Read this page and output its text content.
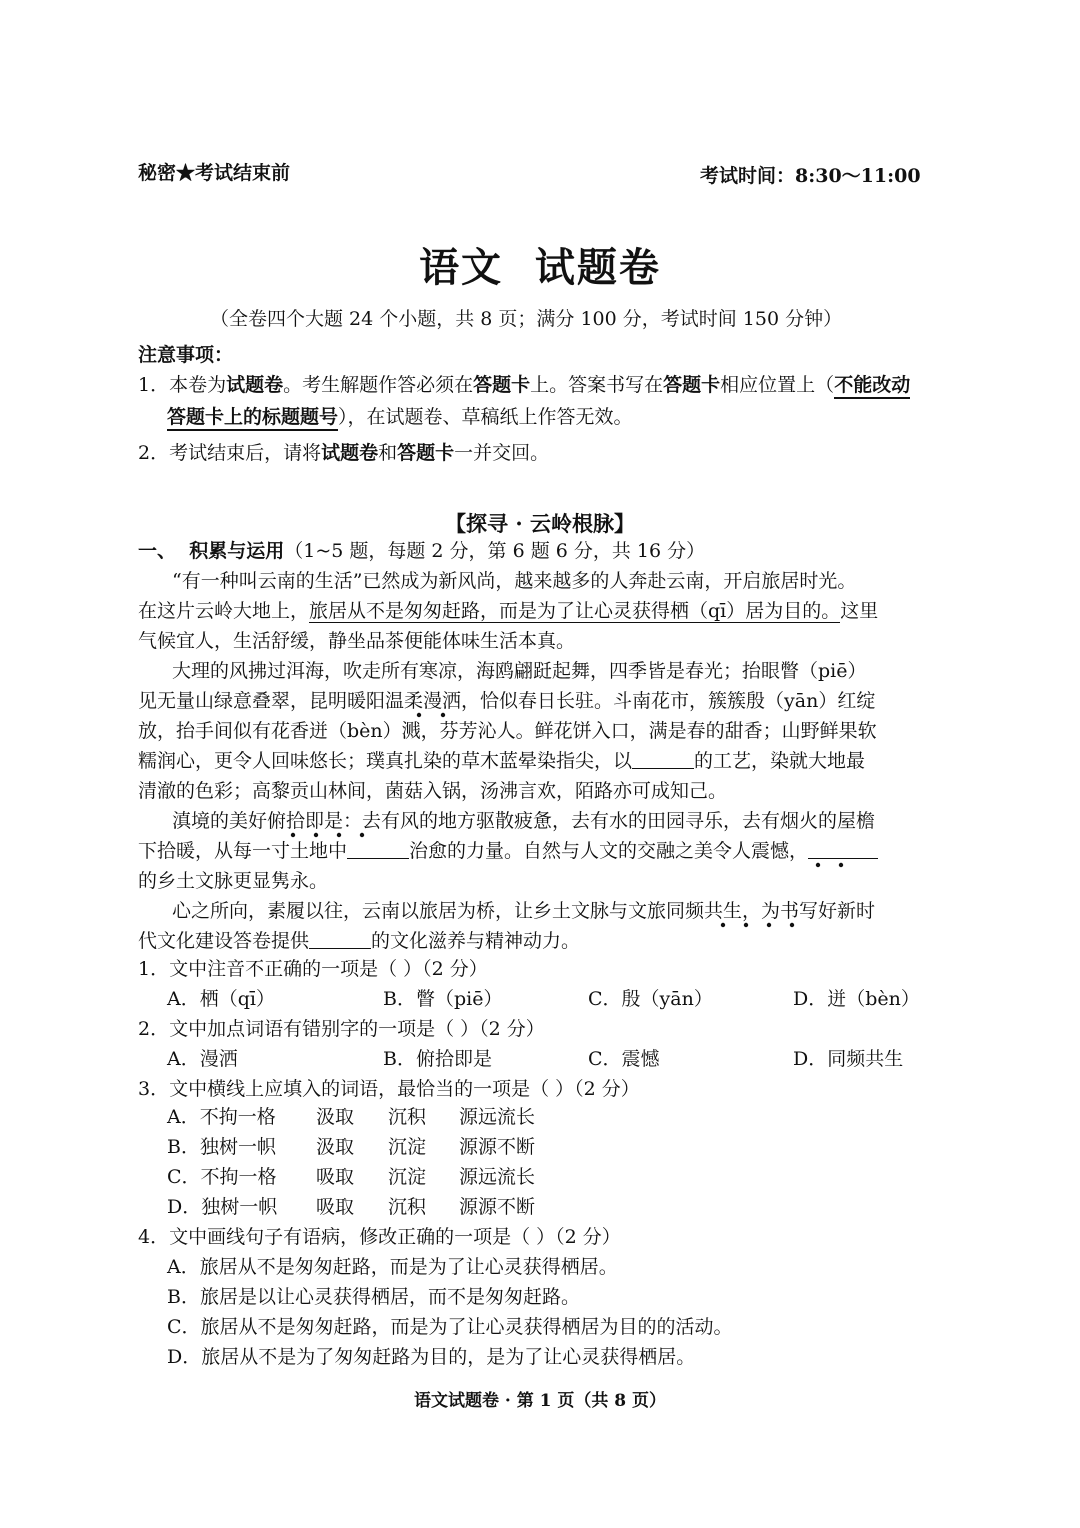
秘密★考试结束前	考试时间：8:30～11:00
语文  试题卷
（全卷四个大题 24 个小题，共 8 页；满分 100 分，考试时间 150 分钟）
注意事项：
1．本卷为试题卷。考生解题作答必须在答题卡上。答案书写在答题卡相应位置上（不能改动
答题卡上的标题题号），在试题卷、草稿纸上作答无效。
2．考试结束后，请将试题卷和答题卡一并交回。
【探寻 · 云岭根脉】
一、  积累与运用（1~5 题，每题 2 分，第 6 题 6 分，共 16 分）
“有一种叫云南的生活”已然成为新风尚，越来越多的人奔赴云南，开启旅居时光。
在这片云岭大地上，旅居从不是匆匆赶路，而是为了让心灵获得栖（qī）居为目的。这里
气候宜人，生活舒缓，静坐品茶便能体味生活本真。
大理的风拂过洱海，吹走所有寒凉，海鸥翩跹起舞，四季皆是春光；抬眼瞥（piē）
见无量山绿意叠翠，昆明暖阳温柔漫洒，恰似春日长驻。斗南花市，簇簇殷（yān）红绽
放，抬手间似有花香迸（bèn）溅，芬芳沁人。鲜花饼入口，满是春的甜香；山野鲜果软
糯润心，更令人回味悠长；璞真扎染的草木蓝晕染指尖，以	的工艺，染就大地最
清澈的色彩；高黎贡山林间，菌菇入锅，汤沸言欢，陌路亦可成知己。
滇境的美好俯拾即是：去有风的地方驱散疲惫，去有水的田园寻乐，去有烟火的屋檐
下拾暖，从每一寸土地中	治愈的力量。自然与人文的交融之美令人震憾，
的乡土文脉更显隽永。
心之所向，素履以往，云南以旅居为桥，让乡土文脉与文旅同频共生，为书写好新时
代文化建设答卷提供	的文化滋养与精神动力。
1．文中注音不正确的一项是（ ）（2 分）
A．栖（qī）	B．瞥（piē）	C．殷（yān）	D．迸（bèn）
2．文中加点词语有错别字的一项是（ ）（2 分）
A．漫洒	B．俯拾即是	C．震憾	D．同频共生
3．文中横线上应填入的词语，最恰当的一项是（ ）（2 分）
A．不拘一格 汲取 沉积 源远流长
B．独树一帜 汲取 沉淀 源源不断
C．不拘一格 吸取 沉淀 源远流长
D．独树一帜 吸取 沉积 源源不断
4．文中画线句子有语病，修改正确的一项是（ ）（2 分）
A．旅居从不是匆匆赶路，而是为了让心灵获得栖居。
B．旅居是以让心灵获得栖居，而不是匆匆赶路。
C．旅居从不是匆匆赶路，而是为了让心灵获得栖居为目的的活动。
D．旅居从不是为了匆匆赶路为目的，是为了让心灵获得栖居。
语文试题卷 · 第 1 页（共 8 页）
